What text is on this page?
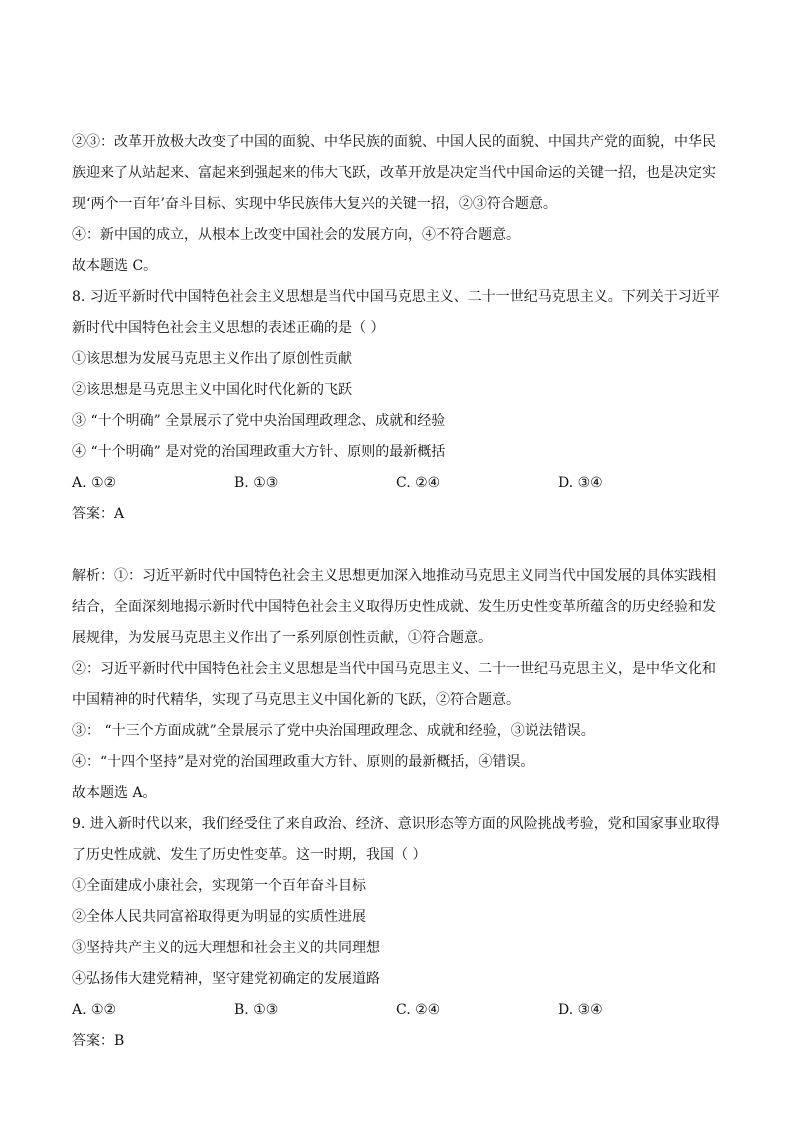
②③：改革开放极大改变了中国的面貌、中华民族的面貌、中国人民的面貌、中国共产党的面貌，中华民
族迎来了从站起来、富起来到强起来的伟大飞跃，改革开放是决定当代中国命运的关键一招，也是决定实
现‘两个一百年’奋斗目标、实现中华民族伟大复兴的关键一招，②③符合题意。
④：新中国的成立，从根本上改变中国社会的发展方向，④不符合题意。
故本题选 C。
8. 习近平新时代中国特色社会主义思想是当代中国马克思主义、二十一世纪马克思主义。下列关于习近平
新时代中国特色社会主义思想的表述正确的是（ ）
①该思想为发展马克思主义作出了原创性贡献
②该思想是马克思主义中国化时代化新的飞跃
③ “十个明确” 全景展示了党中央治国理政理念、成就和经验
④ “十个明确” 是对党的治国理政重大方针、原则的最新概括
A. ①②	B. ①③	C. ②④	D. ③④
答案：A
解析：①：习近平新时代中国特色社会主义思想更加深入地推动马克思主义同当代中国发展的具体实践相
结合，全面深刻地揭示新时代中国特色社会主义取得历史性成就、发生历史性变革所蕴含的历史经验和发
展规律，为发展马克思主义作出了一系列原创性贡献，①符合题意。
②：习近平新时代中国特色社会主义思想是当代中国马克思主义、二十一世纪马克思主义，是中华文化和
中国精神的时代精华，实现了马克思主义中国化新的飞跃，②符合题意。
③： “十三个方面成就”全景展示了党中央治国理政理念、成就和经验，③说法错误。
④：“十四个坚持”是对党的治国理政重大方针、原则的最新概括，④错误。
故本题选 A。
9. 进入新时代以来，我们经受住了来自政治、经济、意识形态等方面的风险挑战考验，党和国家事业取得
了历史性成就、发生了历史性变革。这一时期，我国（ ）
①全面建成小康社会，实现第一个百年奋斗目标
②全体人民共同富裕取得更为明显的实质性进展
③坚持共产主义的远大理想和社会主义的共同理想
④弘扬伟大建党精神，坚守建党初确定的发展道路
A. ①②	B. ①③	C. ②④	D. ③④
答案：B
